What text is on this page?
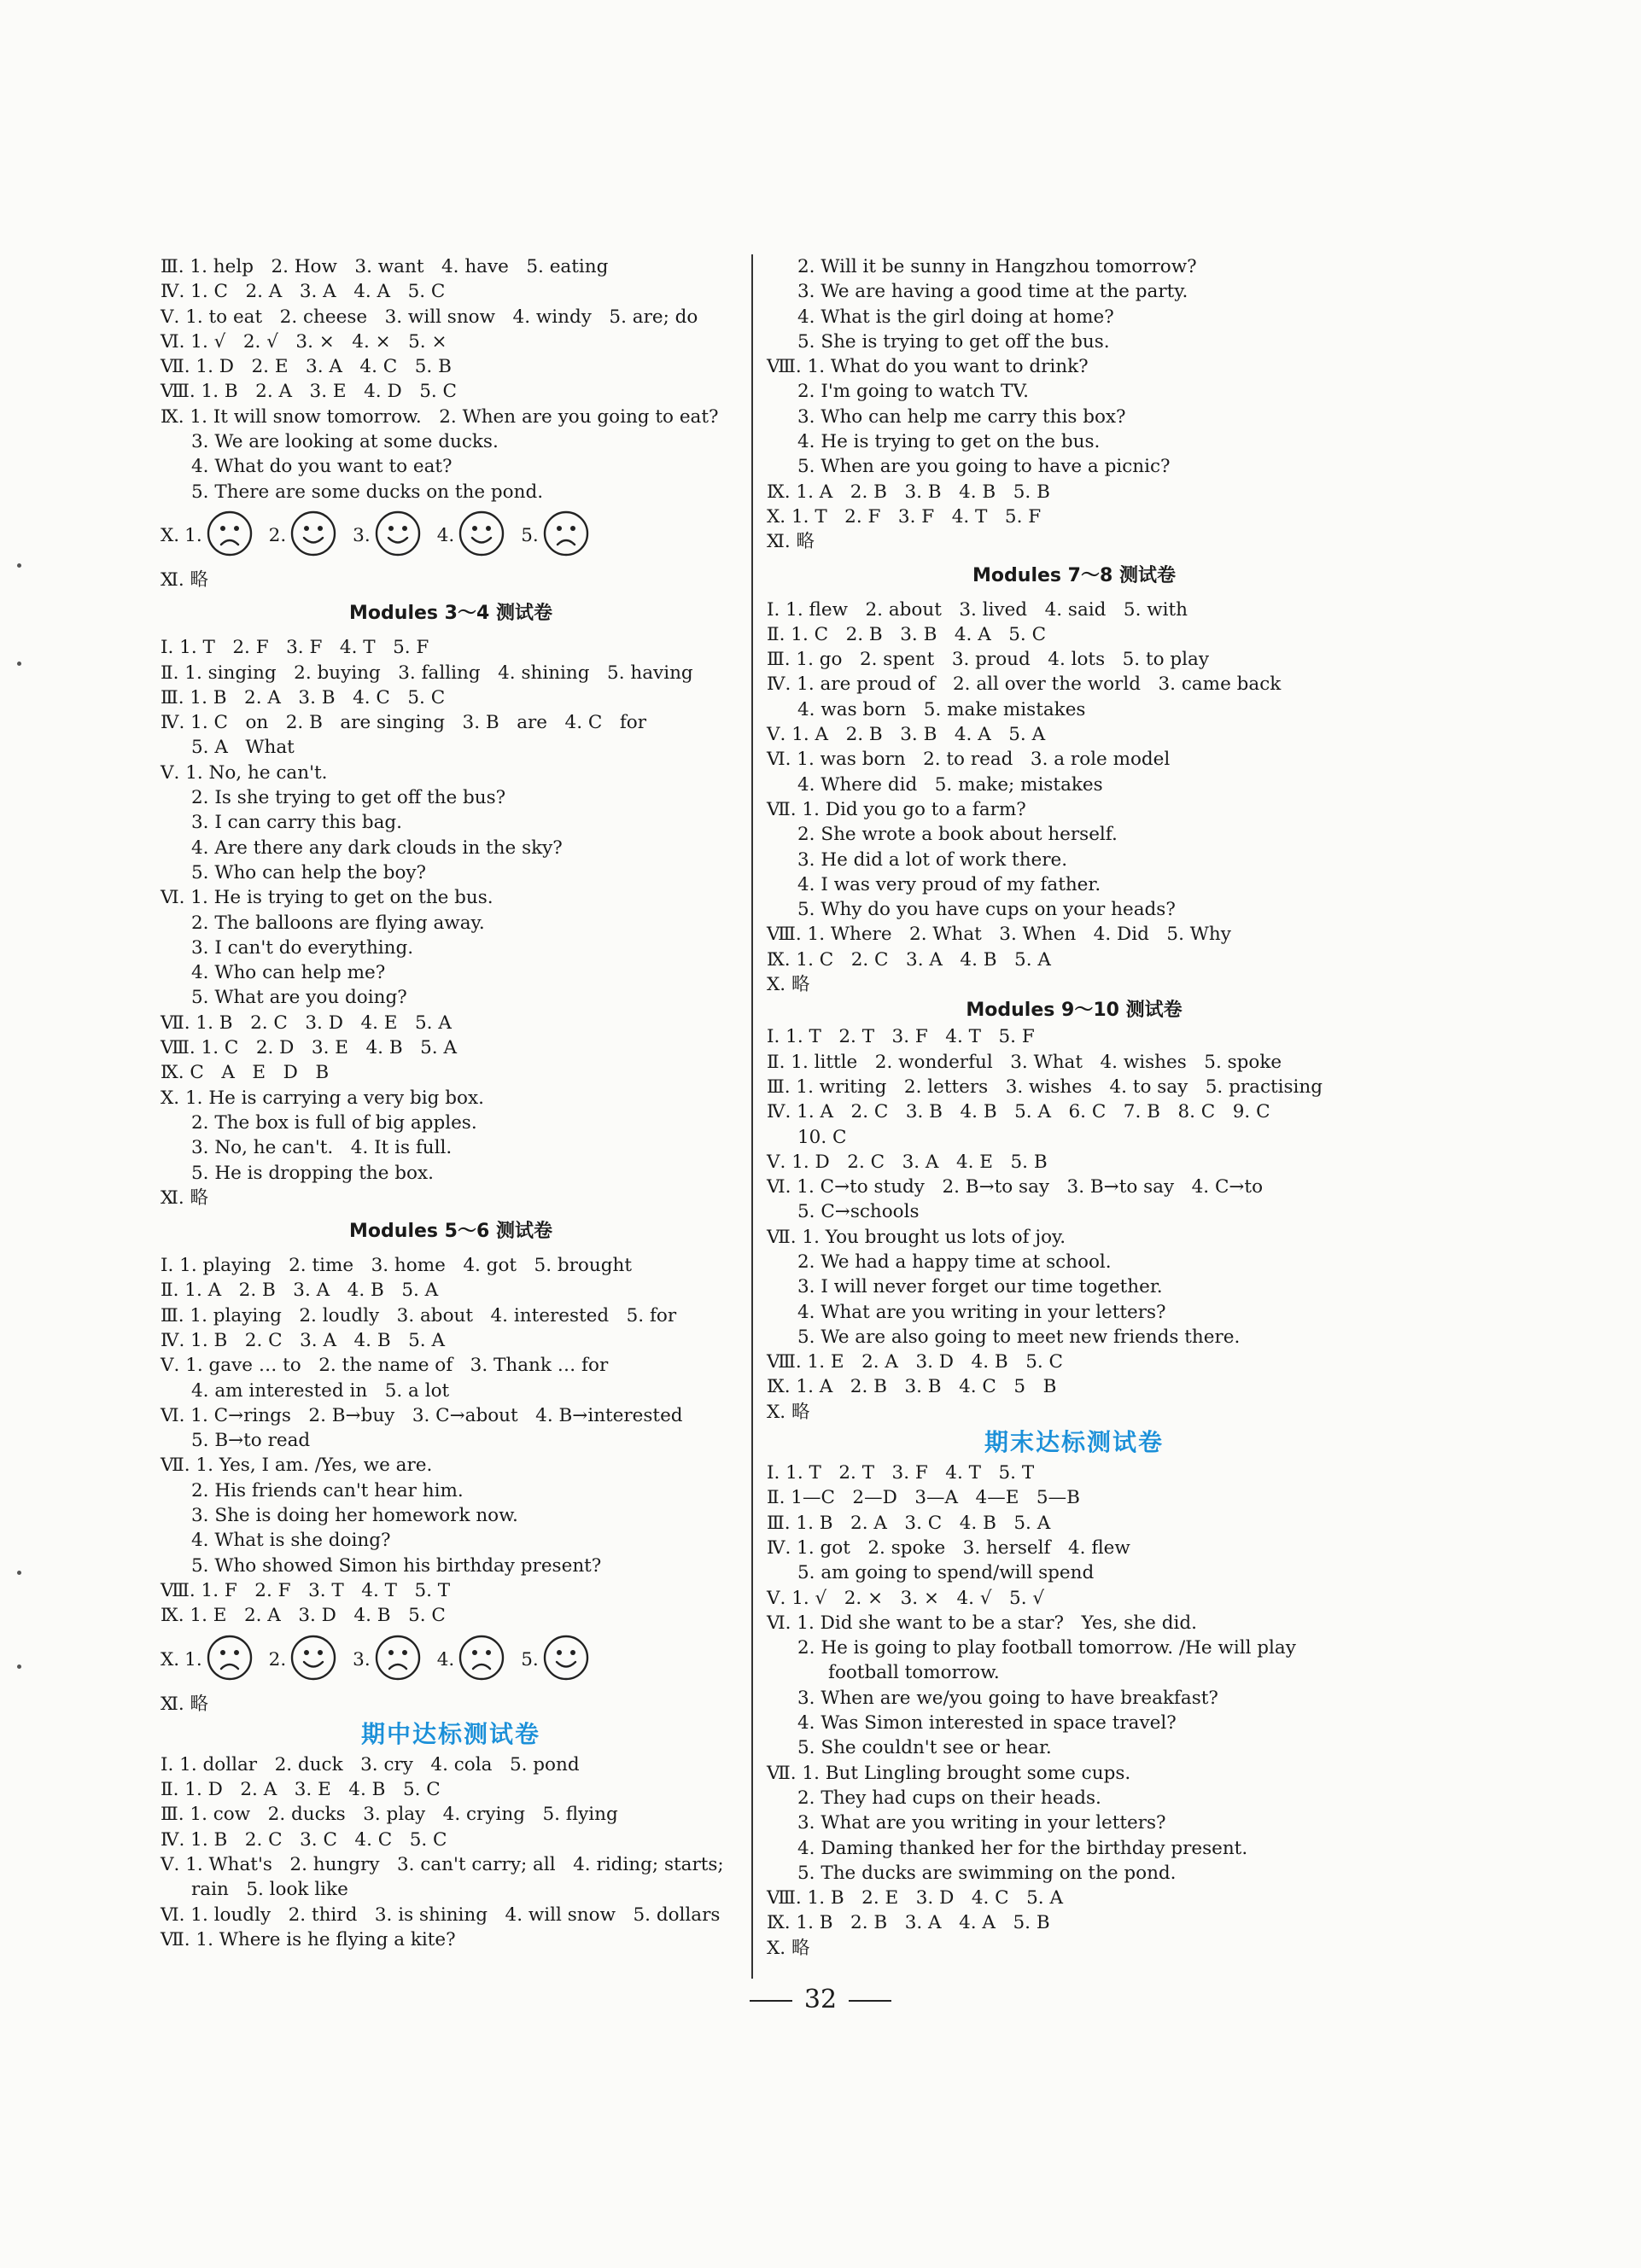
Ⅲ. 1. help   2. How   3. want   4. have   5. eating
Ⅳ. 1. C   2. A   3. A   4. A   5. C
Ⅴ. 1. to eat   2. cheese   3. will snow   4. windy   5. are; do
Ⅵ. 1. √   2. √   3. ×   4. ×   5. ×
Ⅶ. 1. D   2. E   3. A   4. C   5. B
Ⅷ. 1. B   2. A   3. E   4. D   5. C
Ⅸ. 1. It will snow tomorrow.   2. When are you going to eat?
3. We are looking at some ducks.
4. What do you want to eat?
5. There are some ducks on the pond.
Ⅹ. 1.	2.	3.	4.	5.
Ⅺ. 略
Modules 3～4 测试卷
Ⅰ. 1. T   2. F   3. F   4. T   5. F
Ⅱ. 1. singing   2. buying   3. falling   4. shining   5. having
Ⅲ. 1. B   2. A   3. B   4. C   5. C
Ⅳ. 1. C   on   2. B   are singing   3. B   are   4. C   for
5. A   What
Ⅴ. 1. No, he can't.
2. Is she trying to get off the bus?
3. I can carry this bag.
4. Are there any dark clouds in the sky?
5. Who can help the boy?
Ⅵ. 1. He is trying to get on the bus.
2. The balloons are flying away.
3. I can't do everything.
4. Who can help me?
5. What are you doing?
Ⅶ. 1. B   2. C   3. D   4. E   5. A
Ⅷ. 1. C   2. D   3. E   4. B   5. A
Ⅸ. C   A   E   D   B
Ⅹ. 1. He is carrying a very big box.
2. The box is full of big apples.
3. No, he can't.   4. It is full.
5. He is dropping the box.
Ⅺ. 略
Modules 5～6 测试卷
Ⅰ. 1. playing   2. time   3. home   4. got   5. brought
Ⅱ. 1. A   2. B   3. A   4. B   5. A
Ⅲ. 1. playing   2. loudly   3. about   4. interested   5. for
Ⅳ. 1. B   2. C   3. A   4. B   5. A
Ⅴ. 1. gave … to   2. the name of   3. Thank … for
4. am interested in   5. a lot
Ⅵ. 1. C→rings   2. B→buy   3. C→about   4. B→interested
5. B→to read
Ⅶ. 1. Yes, I am. /Yes, we are.
2. His friends can't hear him.
3. She is doing her homework now.
4. What is she doing?
5. Who showed Simon his birthday present?
Ⅷ. 1. F   2. F   3. T   4. T   5. T
Ⅸ. 1. E   2. A   3. D   4. B   5. C
Ⅹ. 1.	2.	3.	4.	5.
Ⅺ. 略
期中达标测试卷
Ⅰ. 1. dollar   2. duck   3. cry   4. cola   5. pond
Ⅱ. 1. D   2. A   3. E   4. B   5. C
Ⅲ. 1. cow   2. ducks   3. play   4. crying   5. flying
Ⅳ. 1. B   2. C   3. C   4. C   5. C
Ⅴ. 1. What's   2. hungry   3. can't carry; all   4. riding; starts;
rain   5. look like
Ⅵ. 1. loudly   2. third   3. is shining   4. will snow   5. dollars
Ⅶ. 1. Where is he flying a kite?
2. Will it be sunny in Hangzhou tomorrow?
3. We are having a good time at the party.
4. What is the girl doing at home?
5. She is trying to get off the bus.
Ⅷ. 1. What do you want to drink?
2. I'm going to watch TV.
3. Who can help me carry this box?
4. He is trying to get on the bus.
5. When are you going to have a picnic?
Ⅸ. 1. A   2. B   3. B   4. B   5. B
Ⅹ. 1. T   2. F   3. F   4. T   5. F
Ⅺ. 略
Modules 7～8 测试卷
Ⅰ. 1. flew   2. about   3. lived   4. said   5. with
Ⅱ. 1. C   2. B   3. B   4. A   5. C
Ⅲ. 1. go   2. spent   3. proud   4. lots   5. to play
Ⅳ. 1. are proud of   2. all over the world   3. came back
4. was born   5. make mistakes
Ⅴ. 1. A   2. B   3. B   4. A   5. A
Ⅵ. 1. was born   2. to read   3. a role model
4. Where did   5. make; mistakes
Ⅶ. 1. Did you go to a farm?
2. She wrote a book about herself.
3. He did a lot of work there.
4. I was very proud of my father.
5. Why do you have cups on your heads?
Ⅷ. 1. Where   2. What   3. When   4. Did   5. Why
Ⅸ. 1. C   2. C   3. A   4. B   5. A
Ⅹ. 略
Modules 9～10 测试卷
Ⅰ. 1. T   2. T   3. F   4. T   5. F
Ⅱ. 1. little   2. wonderful   3. What   4. wishes   5. spoke
Ⅲ. 1. writing   2. letters   3. wishes   4. to say   5. practising
Ⅳ. 1. A   2. C   3. B   4. B   5. A   6. C   7. B   8. C   9. C
10. C
Ⅴ. 1. D   2. C   3. A   4. E   5. B
Ⅵ. 1. C→to study   2. B→to say   3. B→to say   4. C→to
5. C→schools
Ⅶ. 1. You brought us lots of joy.
2. We had a happy time at school.
3. I will never forget our time together.
4. What are you writing in your letters?
5. We are also going to meet new friends there.
Ⅷ. 1. E   2. A   3. D   4. B   5. C
Ⅸ. 1. A   2. B   3. B   4. C   5   B
Ⅹ. 略
期末达标测试卷
Ⅰ. 1. T   2. T   3. F   4. T   5. T
Ⅱ. 1—C   2—D   3—A   4—E   5—B
Ⅲ. 1. B   2. A   3. C   4. B   5. A
Ⅳ. 1. got   2. spoke   3. herself   4. flew
5. am going to spend/will spend
Ⅴ. 1. √   2. ×   3. ×   4. √   5. √
Ⅵ. 1. Did she want to be a star?   Yes, she did.
2. He is going to play football tomorrow. /He will play
football tomorrow.
3. When are we/you going to have breakfast?
4. Was Simon interested in space travel?
5. She couldn't see or hear.
Ⅶ. 1. But Lingling brought some cups.
2. They had cups on their heads.
3. What are you writing in your letters?
4. Daming thanked her for the birthday present.
5. The ducks are swimming on the pond.
Ⅷ. 1. B   2. E   3. D   4. C   5. A
Ⅸ. 1. B   2. B   3. A   4. A   5. B
Ⅹ. 略
32
